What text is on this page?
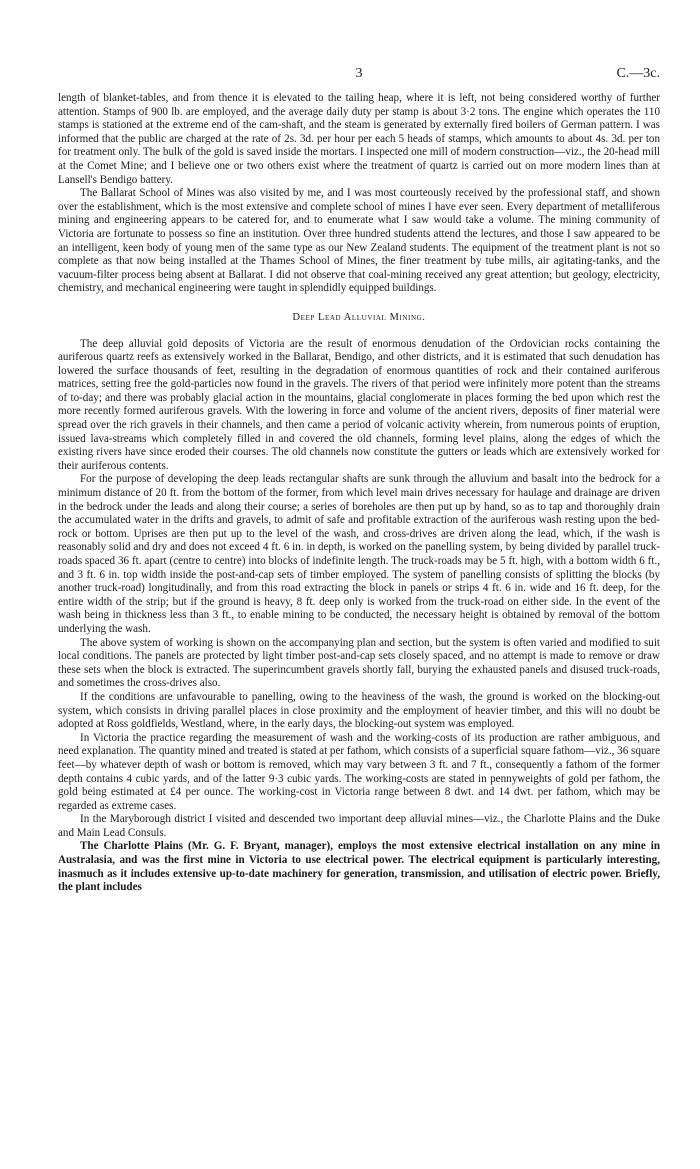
3	C.—3c.

length of blanket-tables, and from thence it is elevated to the tailing heap, where it is left, not being considered worthy of further attention. Stamps of 900 lb. are employed, and the average daily duty per stamp is about 3·2 tons. The engine which operates the 110 stamps is stationed at the extreme end of the cam-shaft, and the steam is generated by externally fired boilers of German pattern. I was informed that the public are charged at the rate of 2s. 3d. per hour per each 5 heads of stamps, which amounts to about 4s. 3d. per ton for treatment only. The bulk of the gold is saved inside the mortars. I inspected one mill of modern construction—viz., the 20-head mill at the Comet Mine; and I believe one or two others exist where the treatment of quartz is carried out on more modern lines than at Lansell's Bendigo battery.

The Ballarat School of Mines was also visited by me, and I was most courteously received by the professional staff, and shown over the establishment, which is the most extensive and complete school of mines I have ever seen. Every department of metalliferous mining and engineering appears to be catered for, and to enumerate what I saw would take a volume. The mining community of Victoria are fortunate to possess so fine an institution. Over three hundred students attend the lectures, and those I saw appeared to be an intelligent, keen body of young men of the same type as our New Zealand students. The equipment of the treatment plant is not so complete as that now being installed at the Thames School of Mines, the finer treatment by tube mills, air agitating-tanks, and the vacuum-filter process being absent at Ballarat. I did not observe that coal-mining received any great attention; but geology, electricity, chemistry, and mechanical engineering were taught in splendidly equipped buildings.

Deep Lead Alluvial Mining.

The deep alluvial gold deposits of Victoria are the result of enormous denudation of the Ordovician rocks containing the auriferous quartz reefs as extensively worked in the Ballarat, Bendigo, and other districts, and it is estimated that such denudation has lowered the surface thousands of feet, resulting in the degradation of enormous quantities of rock and their contained auriferous matrices, setting free the gold-particles now found in the gravels. The rivers of that period were infinitely more potent than the streams of to-day; and there was probably glacial action in the mountains, glacial conglomerate in places forming the bed upon which rest the more recently formed auriferous gravels. With the lowering in force and volume of the ancient rivers, deposits of finer material were spread over the rich gravels in their channels, and then came a period of volcanic activity wherein, from numerous points of eruption, issued lava-streams which completely filled in and covered the old channels, forming level plains, along the edges of which the existing rivers have since eroded their courses. The old channels now constitute the gutters or leads which are extensively worked for their auriferous contents.

For the purpose of developing the deep leads rectangular shafts are sunk through the alluvium and basalt into the bedrock for a minimum distance of 20 ft. from the bottom of the former, from which level main drives necessary for haulage and drainage are driven in the bedrock under the leads and along their course; a series of boreholes are then put up by hand, so as to tap and thoroughly drain the accumulated water in the drifts and gravels, to admit of safe and profitable extraction of the auriferous wash resting upon the bed-rock or bottom. Uprises are then put up to the level of the wash, and cross-drives are driven along the lead, which, if the wash is reasonably solid and dry and does not exceed 4 ft. 6 in. in depth, is worked on the panelling system, by being divided by parallel truck-roads spaced 36 ft. apart (centre to centre) into blocks of indefinite length. The truck-roads may be 5 ft. high, with a bottom width 6 ft., and 3 ft. 6 in. top width inside the post-and-cap sets of timber employed. The system of panelling consists of splitting the blocks (by another truck-road) longitudinally, and from this road extracting the block in panels or strips 4 ft. 6 in. wide and 16 ft. deep, for the entire width of the strip; but if the ground is heavy, 8 ft. deep only is worked from the truck-road on either side. In the event of the wash being in thickness less than 3 ft., to enable mining to be conducted, the necessary height is obtained by removal of the bottom underlying the wash.

The above system of working is shown on the accompanying plan and section, but the system is often varied and modified to suit local conditions. The panels are protected by light timber post-and-cap sets closely spaced, and no attempt is made to remove or draw these sets when the block is extracted. The superincumbent gravels shortly fall, burying the exhausted panels and disused truck-roads, and sometimes the cross-drives also.

If the conditions are unfavourable to panelling, owing to the heaviness of the wash, the ground is worked on the blocking-out system, which consists in driving parallel places in close proximity and the employment of heavier timber, and this will no doubt be adopted at Ross goldfields, Westland, where, in the early days, the blocking-out system was employed.

In Victoria the practice regarding the measurement of wash and the working-costs of its production are rather ambiguous, and need explanation. The quantity mined and treated is stated at per fathom, which consists of a superficial square fathom—viz., 36 square feet—by whatever depth of wash or bottom is removed, which may vary between 3 ft. and 7 ft., consequently a fathom of the former depth contains 4 cubic yards, and of the latter 9·3 cubic yards. The working-costs are stated in pennyweights of gold per fathom, the gold being estimated at £4 per ounce. The working-cost in Victoria range between 8 dwt. and 14 dwt. per fathom, which may be regarded as extreme cases.

In the Maryborough district I visited and descended two important deep alluvial mines—viz., the Charlotte Plains and the Duke and Main Lead Consuls.

The Charlotte Plains (Mr. G. F. Bryant, manager), employs the most extensive electrical installation on any mine in Australasia, and was the first mine in Victoria to use electrical power. The electrical equipment is particularly interesting, inasmuch as it includes extensive up-to-date machinery for generation, transmission, and utilisation of electric power. Briefly, the plant includes
